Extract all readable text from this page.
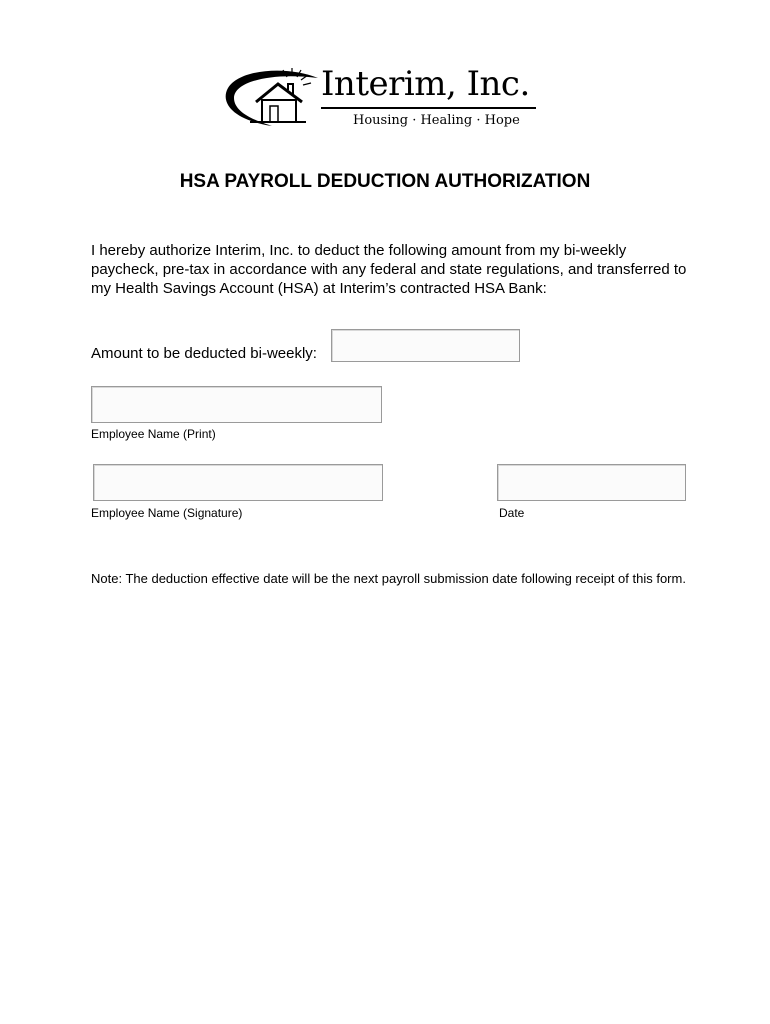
Interim, Inc.
Housing · Healing · Hope
HSA PAYROLL DEDUCTION AUTHORIZATION
I hereby authorize Interim, Inc. to deduct the following amount from my bi-weekly paycheck, pre-tax in accordance with any federal and state regulations, and transferred to my Health Savings Account (HSA) at Interim’s contracted HSA Bank:
Amount to be deducted bi-weekly:
Employee Name (Print)
Employee Name (Signature)	Date
Note: The deduction effective date will be the next payroll submission date following receipt of this form.
